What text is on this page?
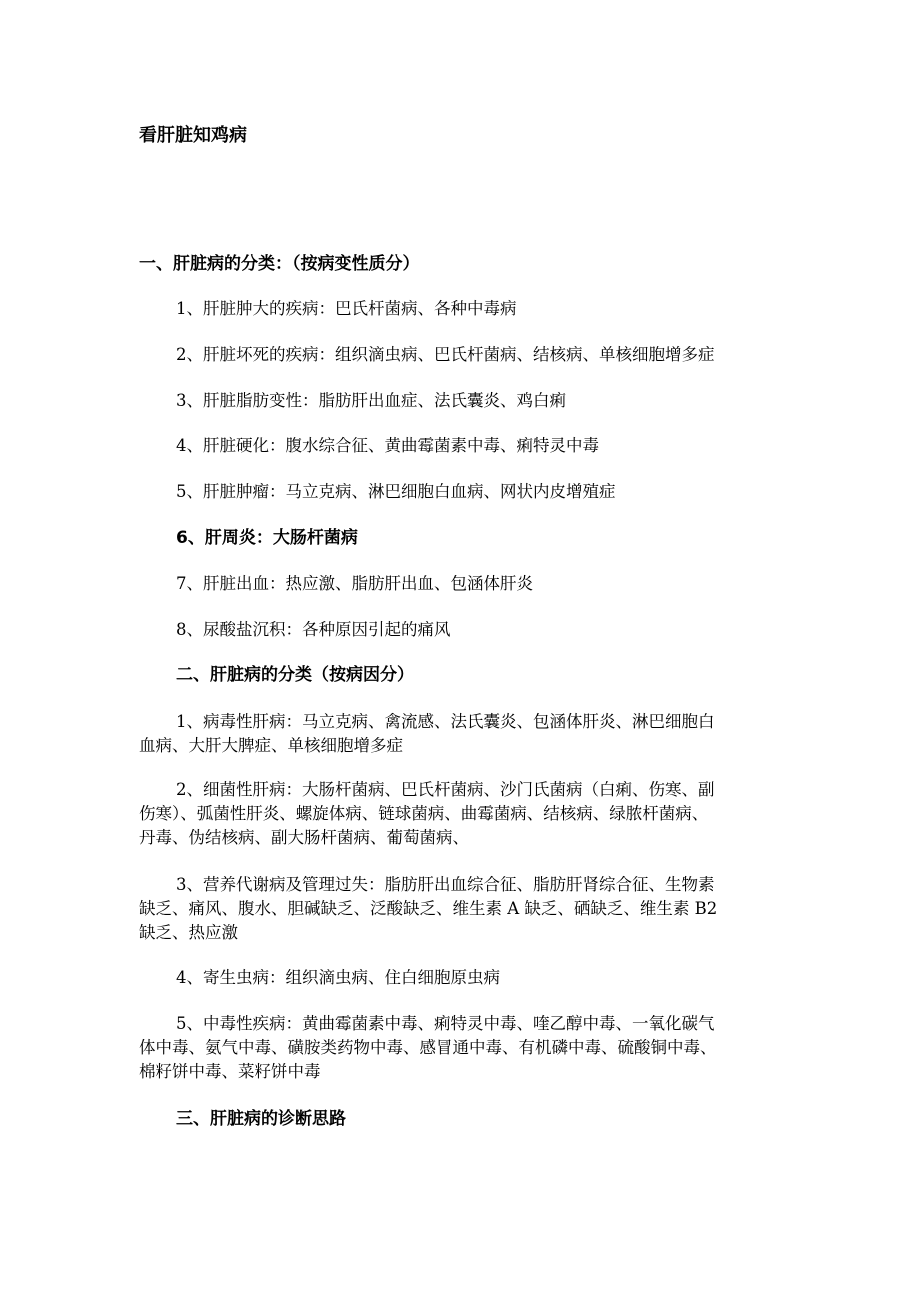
看肝脏知鸡病

一、肝脏病的分类：（按病变性质分）

1、肝脏肿大的疾病：巴氏杆菌病、各种中毒病

2、肝脏坏死的疾病：组织滴虫病、巴氏杆菌病、结核病、单核细胞增多症

3、肝脏脂肪变性：脂肪肝出血症、法氏囊炎、鸡白痢

4、肝脏硬化：腹水综合征、黄曲霉菌素中毒、痢特灵中毒

5、肝脏肿瘤：马立克病、淋巴细胞白血病、网状内皮增殖症

6、肝周炎：大肠杆菌病

7、肝脏出血：热应激、脂肪肝出血、包涵体肝炎

8、尿酸盐沉积：各种原因引起的痛风

二、肝脏病的分类（按病因分）

1、病毒性肝病：马立克病、禽流感、法氏囊炎、包涵体肝炎、淋巴细胞白
血病、大肝大脾症、单核细胞增多症
2、细菌性肝病：大肠杆菌病、巴氏杆菌病、沙门氏菌病（白痢、伤寒、副
伤寒）、弧菌性肝炎、螺旋体病、链球菌病、曲霉菌病、结核病、绿脓杆菌病、
丹毒、伪结核病、副大肠杆菌病、葡萄菌病、
3、营养代谢病及管理过失：脂肪肝出血综合征、脂肪肝肾综合征、生物素
缺乏、痛风、腹水、胆碱缺乏、泛酸缺乏、维生素 A 缺乏、硒缺乏、维生素 B2
缺乏、热应激
4、寄生虫病：组织滴虫病、住白细胞原虫病
5、中毒性疾病：黄曲霉菌素中毒、痢特灵中毒、喹乙醇中毒、一氧化碳气
体中毒、氨气中毒、磺胺类药物中毒、感冒通中毒、有机磷中毒、硫酸铜中毒、
棉籽饼中毒、菜籽饼中毒

三、肝脏病的诊断思路
